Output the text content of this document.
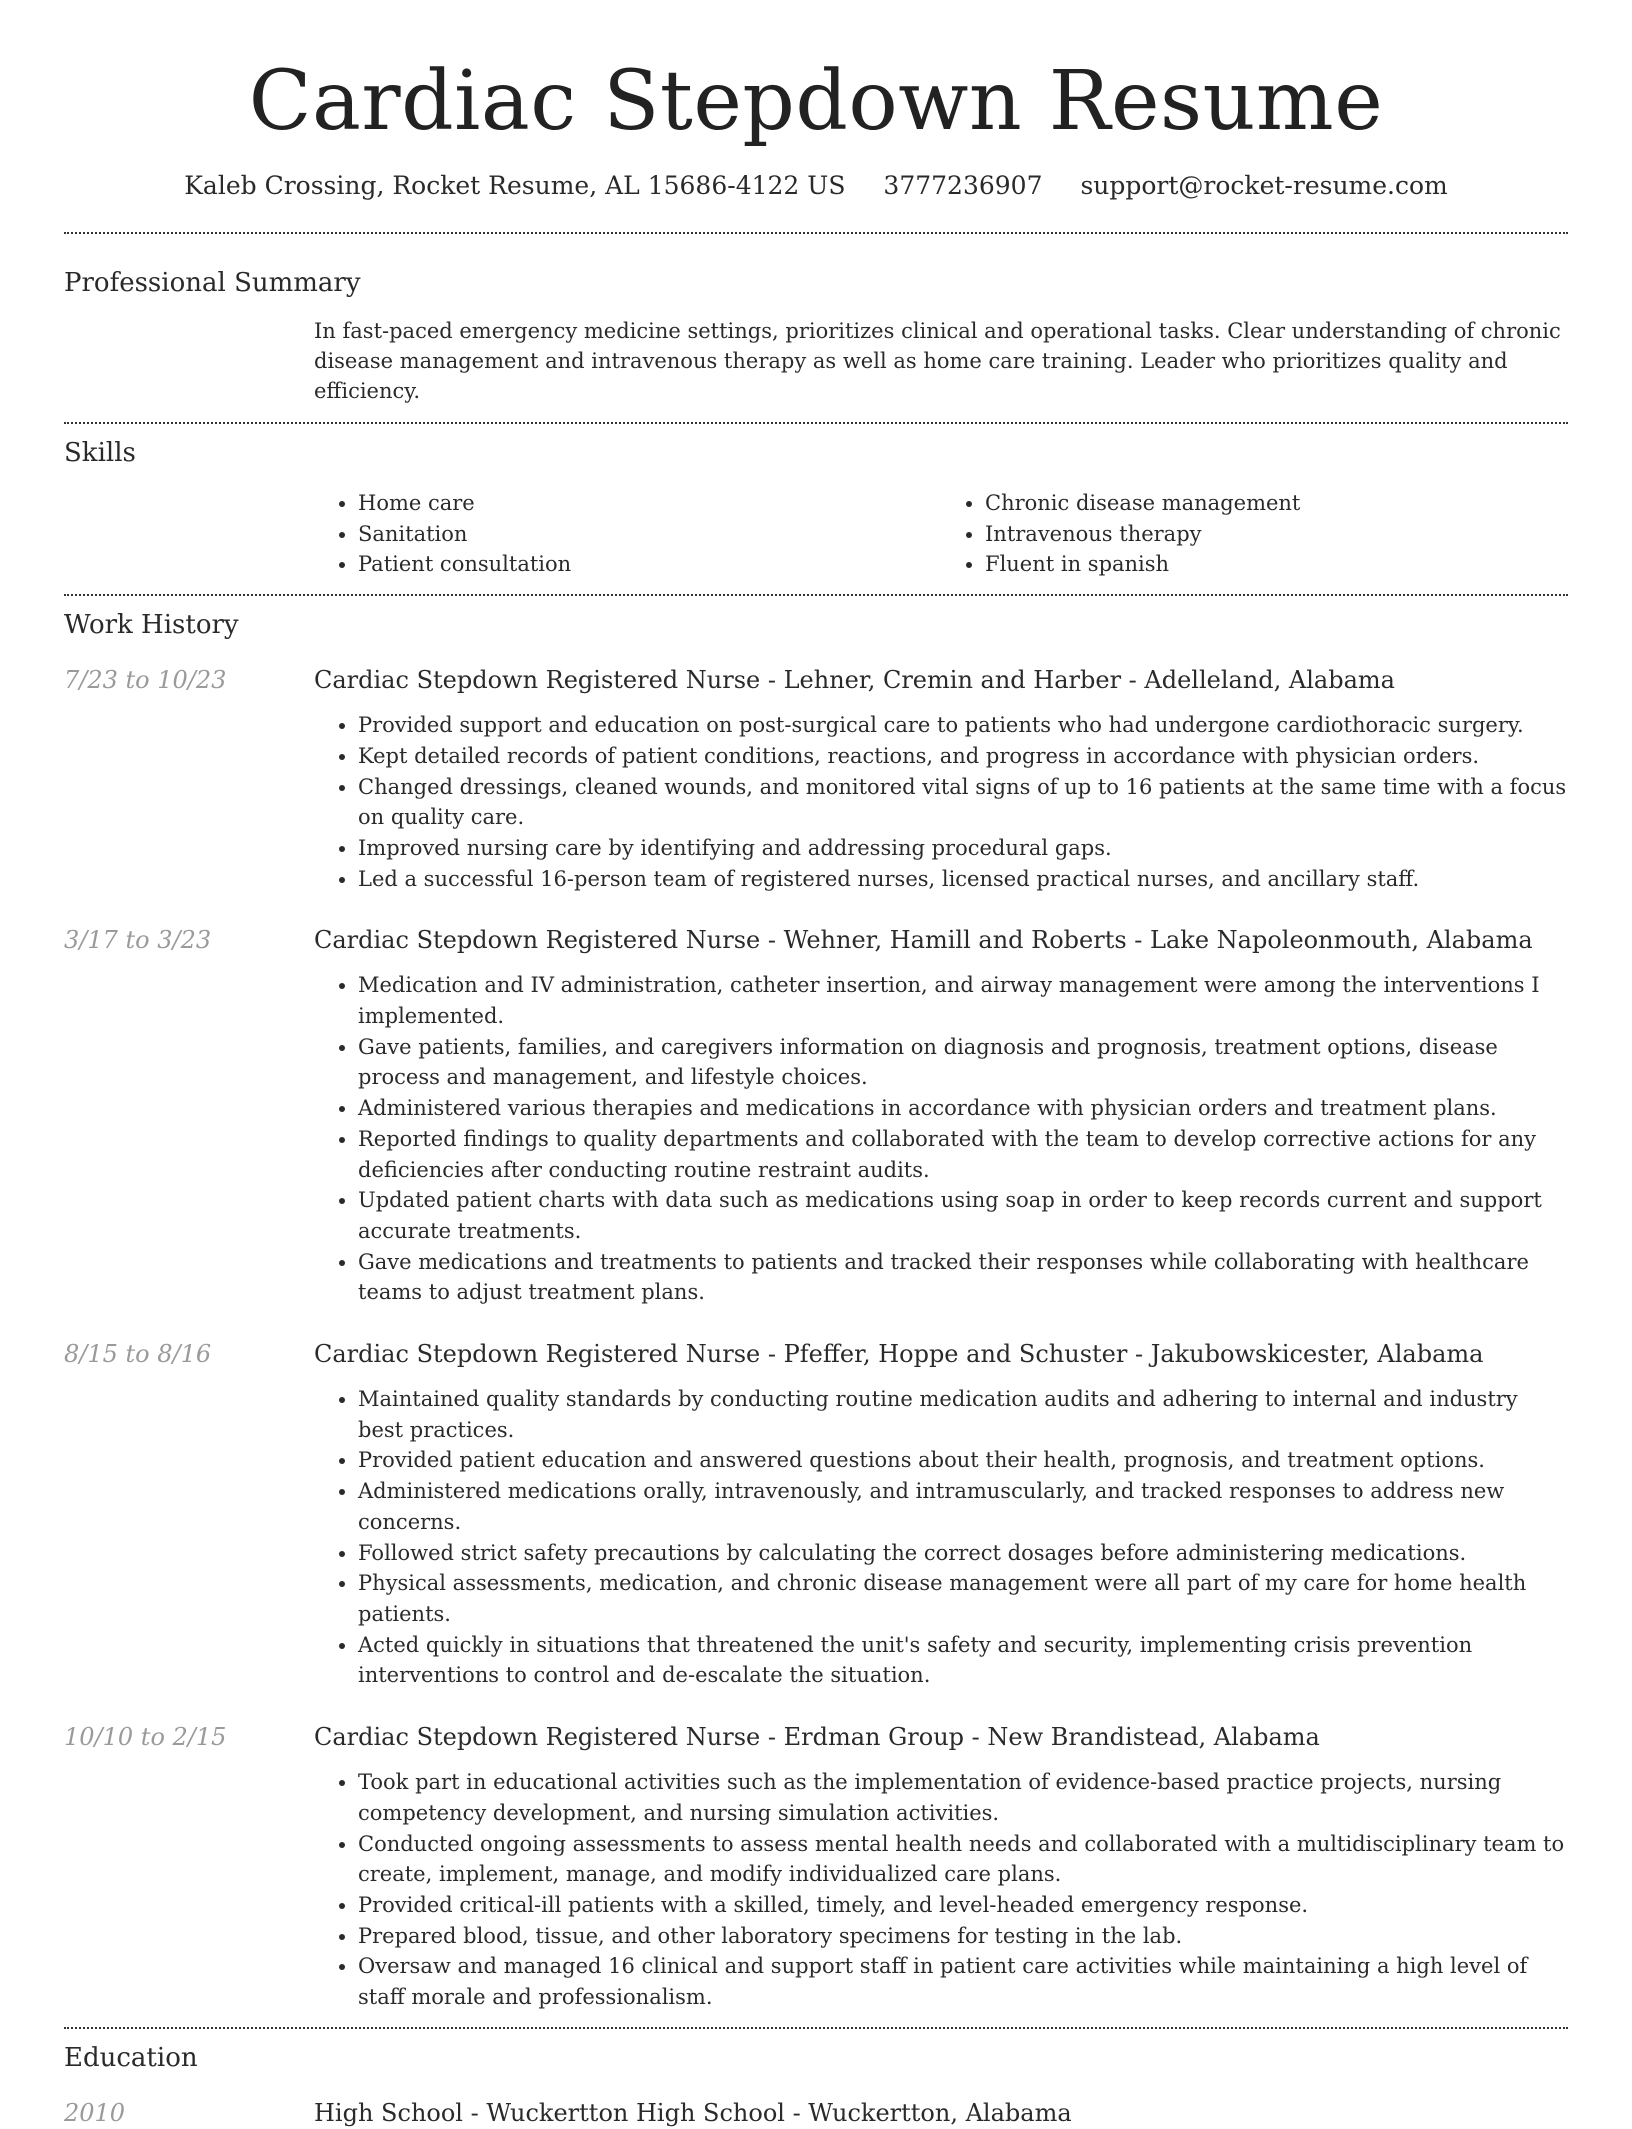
Cardiac Stepdown Resume
Kaleb Crossing, Rocket Resume, AL 15686-4122 US 3777236907 support@rocket-resume.com
Professional Summary

In fast-paced emergency medicine settings, prioritizes clinical and operational tasks. Clear understanding of chronic disease management and intravenous therapy as well as home care training. Leader who prioritizes quality and efficiency.

Skills
• Home care
• Sanitation
• Patient consultation
• Chronic disease management
• Intravenous therapy
• Fluent in spanish
Work History
7/23 to 10/23	Cardiac Stepdown Registered Nurse - Lehner, Cremin and Harber - Adelleland, Alabama
• Provided support and education on post-surgical care to patients who had undergone cardiothoracic surgery.
• Kept detailed records of patient conditions, reactions, and progress in accordance with physician orders.
• Changed dressings, cleaned wounds, and monitored vital signs of up to 16 patients at the same time with a focus on quality care.
• Improved nursing care by identifying and addressing procedural gaps.
• Led a successful 16-person team of registered nurses, licensed practical nurses, and ancillary staff.
3/17 to 3/23	Cardiac Stepdown Registered Nurse - Wehner, Hamill and Roberts - Lake Napoleonmouth, Alabama
• Medication and IV administration, catheter insertion, and airway management were among the interventions I implemented.
• Gave patients, families, and caregivers information on diagnosis and prognosis, treatment options, disease process and management, and lifestyle choices.
• Administered various therapies and medications in accordance with physician orders and treatment plans.
• Reported findings to quality departments and collaborated with the team to develop corrective actions for any deficiencies after conducting routine restraint audits.
• Updated patient charts with data such as medications using soap in order to keep records current and support accurate treatments.
• Gave medications and treatments to patients and tracked their responses while collaborating with healthcare teams to adjust treatment plans.
8/15 to 8/16	Cardiac Stepdown Registered Nurse - Pfeffer, Hoppe and Schuster - Jakubowskicester, Alabama
• Maintained quality standards by conducting routine medication audits and adhering to internal and industry best practices.
• Provided patient education and answered questions about their health, prognosis, and treatment options.
• Administered medications orally, intravenously, and intramuscularly, and tracked responses to address new concerns.
• Followed strict safety precautions by calculating the correct dosages before administering medications.
• Physical assessments, medication, and chronic disease management were all part of my care for home health patients.
• Acted quickly in situations that threatened the unit's safety and security, implementing crisis prevention interventions to control and de-escalate the situation.
10/10 to 2/15	Cardiac Stepdown Registered Nurse - Erdman Group - New Brandistead, Alabama
• Took part in educational activities such as the implementation of evidence-based practice projects, nursing competency development, and nursing simulation activities.
• Conducted ongoing assessments to assess mental health needs and collaborated with a multidisciplinary team to create, implement, manage, and modify individualized care plans.
• Provided critical-ill patients with a skilled, timely, and level-headed emergency response.
• Prepared blood, tissue, and other laboratory specimens for testing in the lab.
• Oversaw and managed 16 clinical and support staff in patient care activities while maintaining a high level of staff morale and professionalism.
Education
2010	High School - Wuckertton High School - Wuckertton, Alabama
